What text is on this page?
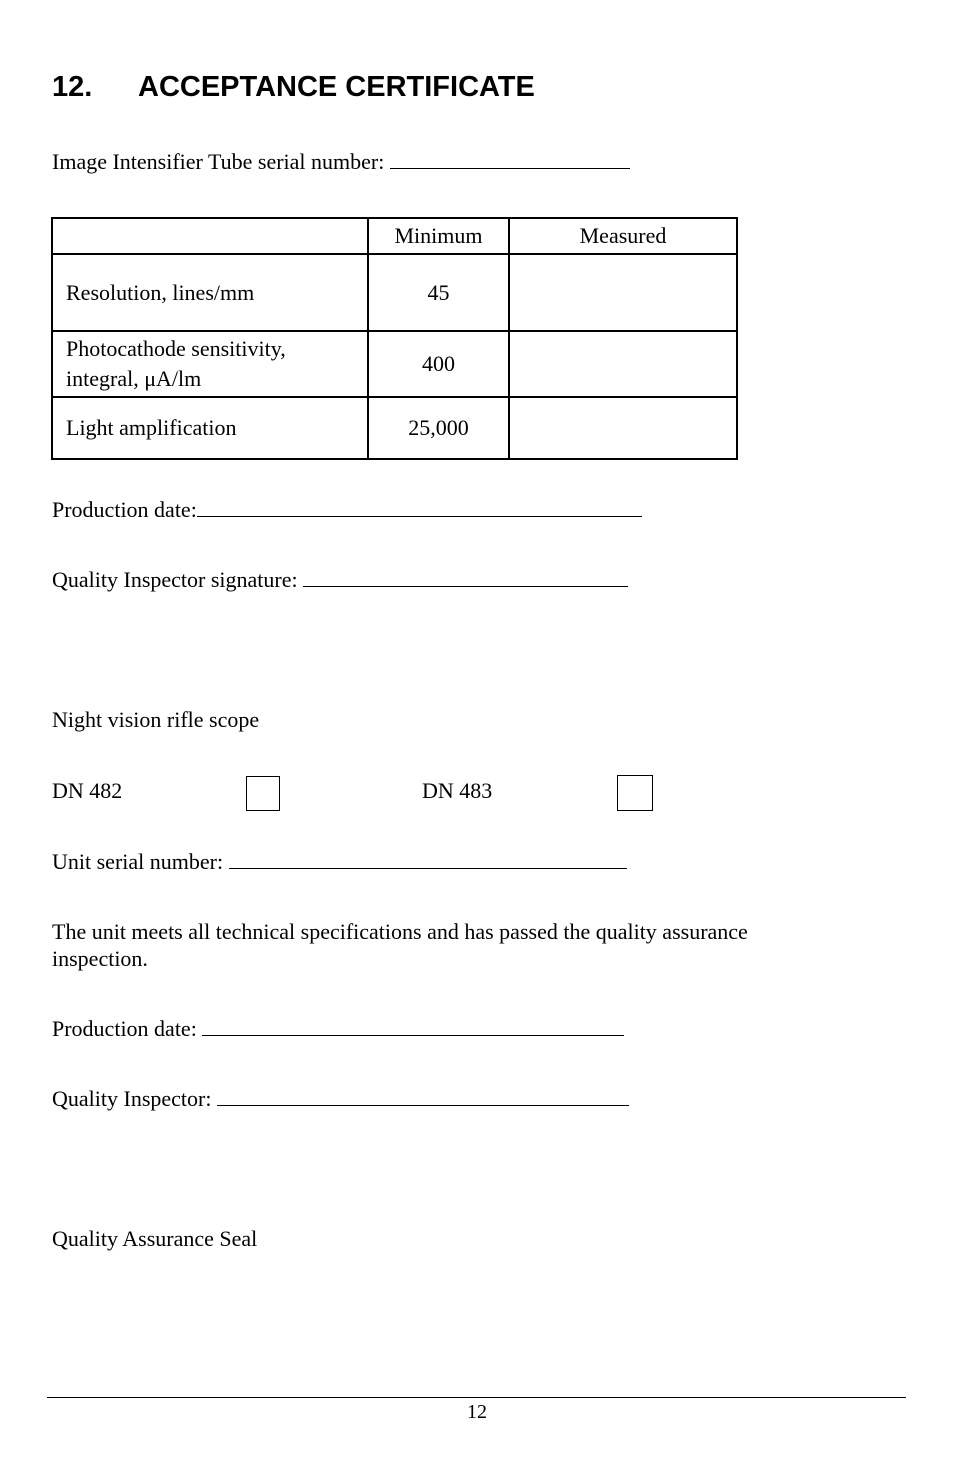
12. ACCEPTANCE CERTIFICATE
Image Intensifier Tube serial number:
	Minimum	Measured
Resolution, lines/mm	45	

Photocathode sensitivity,
integral, μA/lm	400	
Light amplification	25,000	
Production date:
Quality Inspector signature:
Night vision rifle scope
DN 482	DN 483
Unit serial number:
The unit meets all technical specifications and has passed the quality assurance
inspection.
Production date:
Quality Inspector:
Quality Assurance Seal
12
